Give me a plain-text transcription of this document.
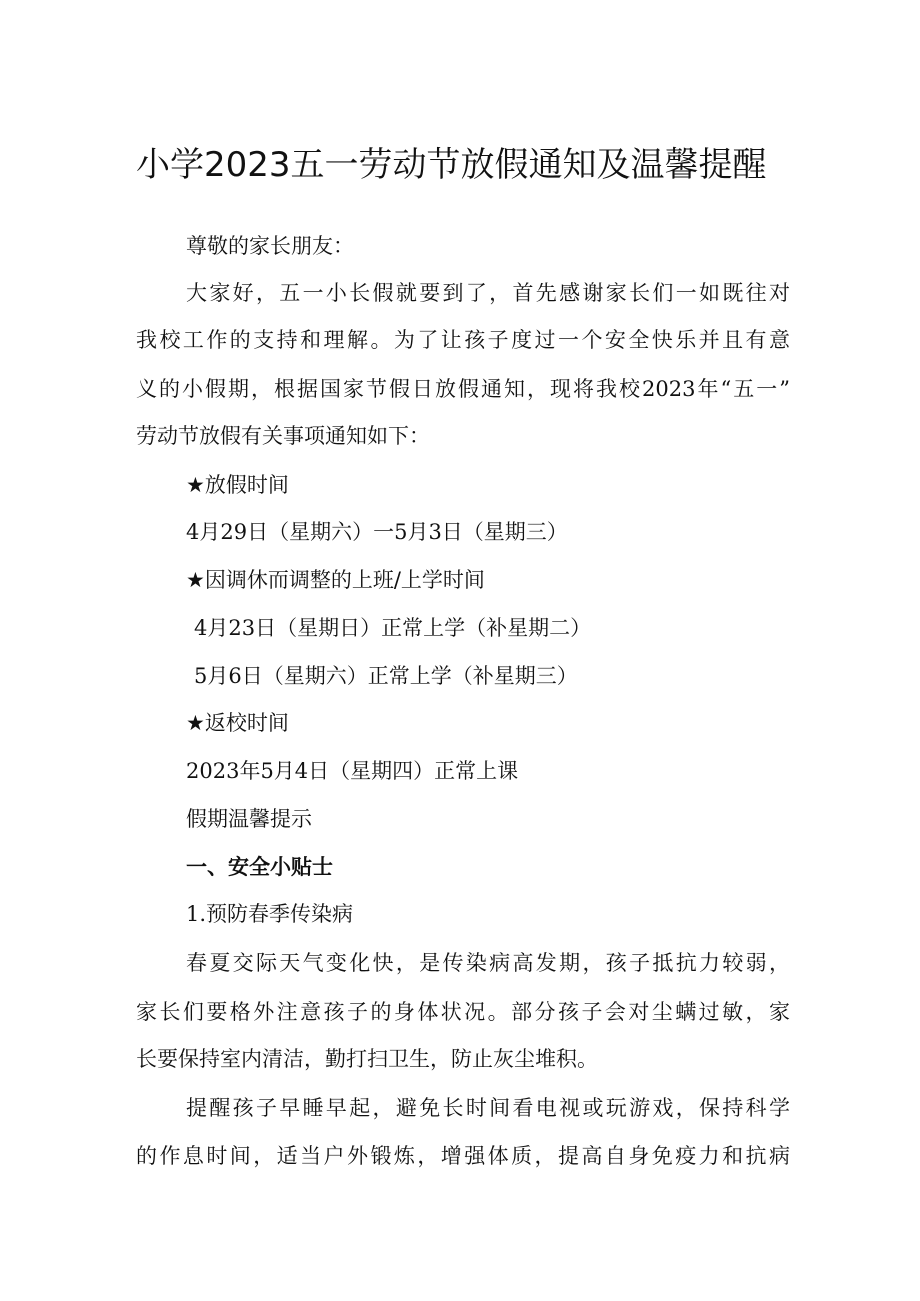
小学2023五一劳动节放假通知及温馨提醒
尊敬的家长朋友：
大家好，五一小长假就要到了，首先感谢家长们一如既往对
我校工作的支持和理解。为了让孩子度过一个安全快乐并且有意
义的小假期，根据国家节假日放假通知，现将我校2023年“五一”
劳动节放假有关事项通知如下：
★放假时间
4月29日（星期六）一5月3日（星期三）
★因调休而调整的上班/上学时间
4月23日（星期日）正常上学（补星期二）
5月6日（星期六）正常上学（补星期三）
★返校时间
2023年5月4日（星期四）正常上课
假期温馨提示
一、安全小贴士
1.预防春季传染病
春夏交际天气变化快，是传染病高发期，孩子抵抗力较弱，
家长们要格外注意孩子的身体状况。部分孩子会对尘螨过敏，家
长要保持室内清洁，勤打扫卫生，防止灰尘堆积。
提醒孩子早睡早起，避免长时间看电视或玩游戏，保持科学
的作息时间，适当户外锻炼，增强体质，提高自身免疫力和抗病
